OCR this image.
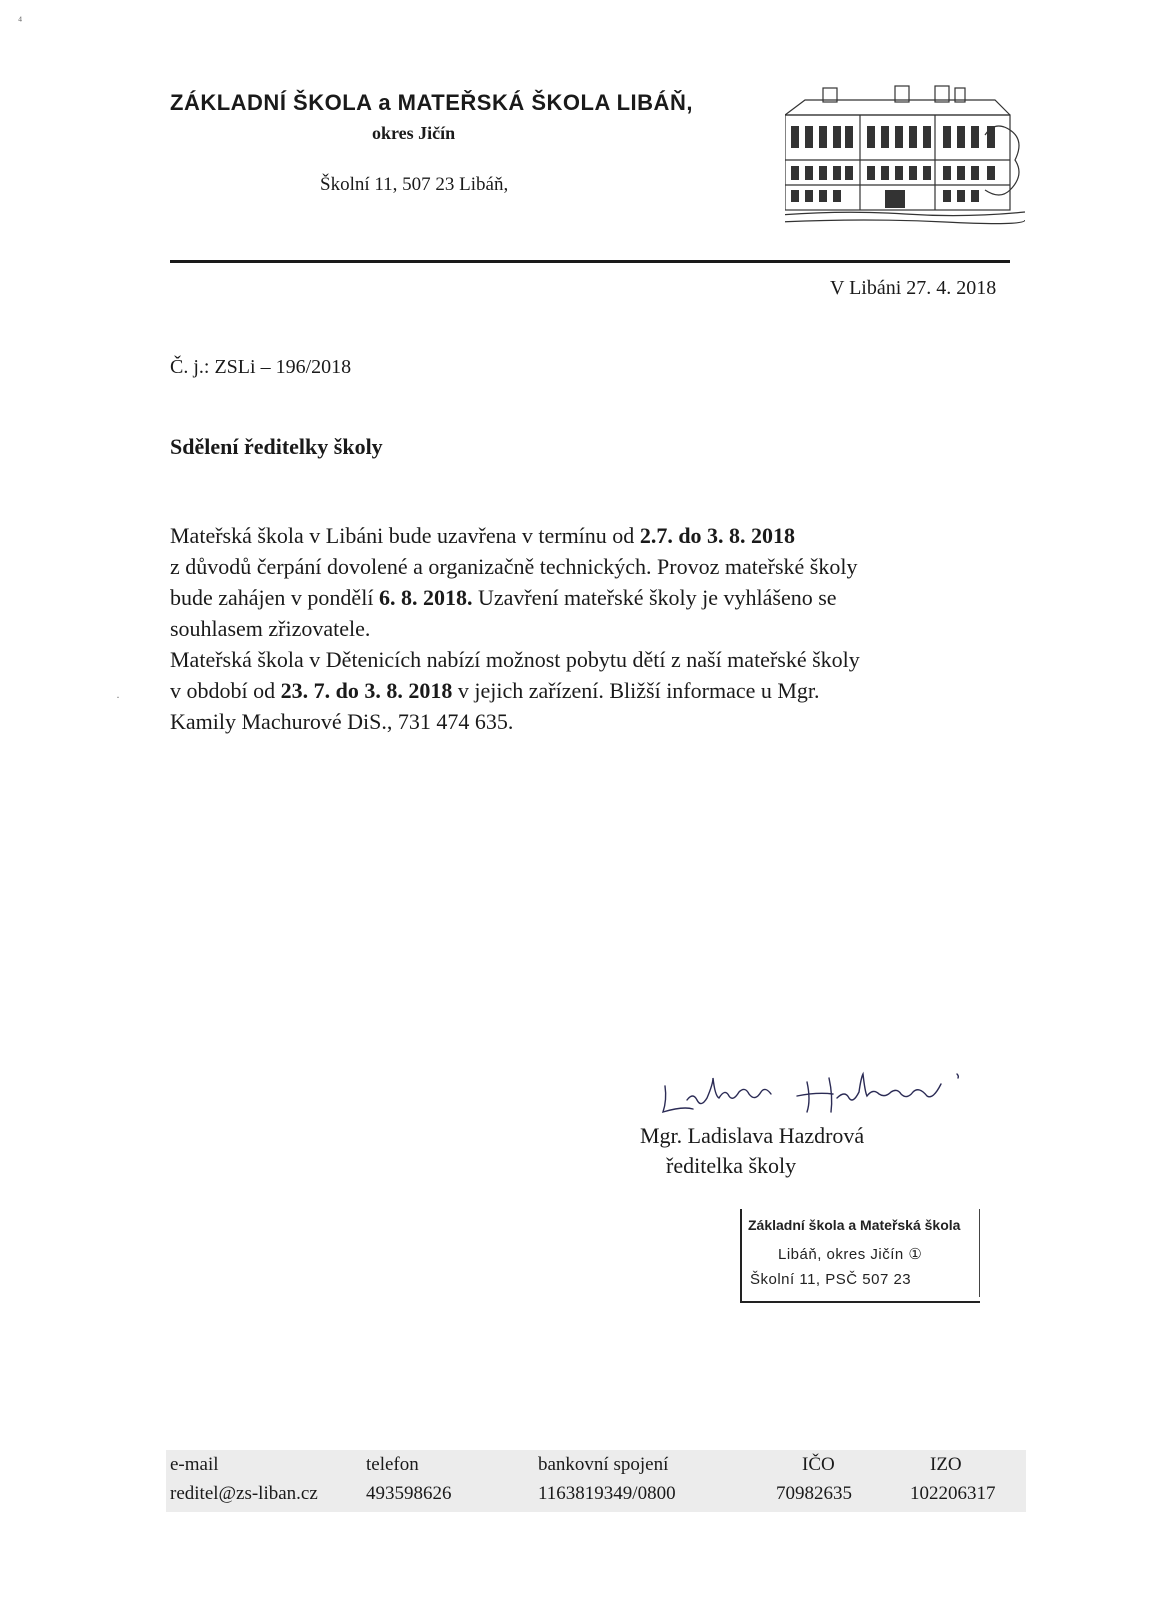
ZÁKLADNÍ ŠKOLA a MATEŘSKÁ ŠKOLA LIBÁŇ,
okres Jičín
Školní 11, 507 23 Libáň,
V Libáni 27. 4. 2018
Č. j.: ZSLi – 196/2018
Sdělení ředitelky školy

Mateřská škola v Libáni bude uzavřena v termínu od 2.7. do 3. 8. 2018
z důvodů čerpání dovolené a organizačně technických. Provoz mateřské školy
bude zahájen v pondělí 6. 8. 2018. Uzavření mateřské školy je vyhlášeno se
souhlasem zřizovatele.

Mateřská škola v Dětenicích nabízí možnost pobytu dětí z naší mateřské školy
v období od 23. 7. do 3. 8. 2018 v jejich zařízení. Bližší informace u Mgr.
Kamily Machurové DiS., 731 474 635.

Mgr. Ladislava Hazdrová
ředitelka školy
Základní škola a Mateřská škola
Libáň, okres Jičín ①
Školní 11, PSČ 507 23
e-mail
reditel@zs-liban.cz
telefon
493598626
bankovní spojení
1163819349/0800
IČO
70982635
IZO
102206317
⁴
·
